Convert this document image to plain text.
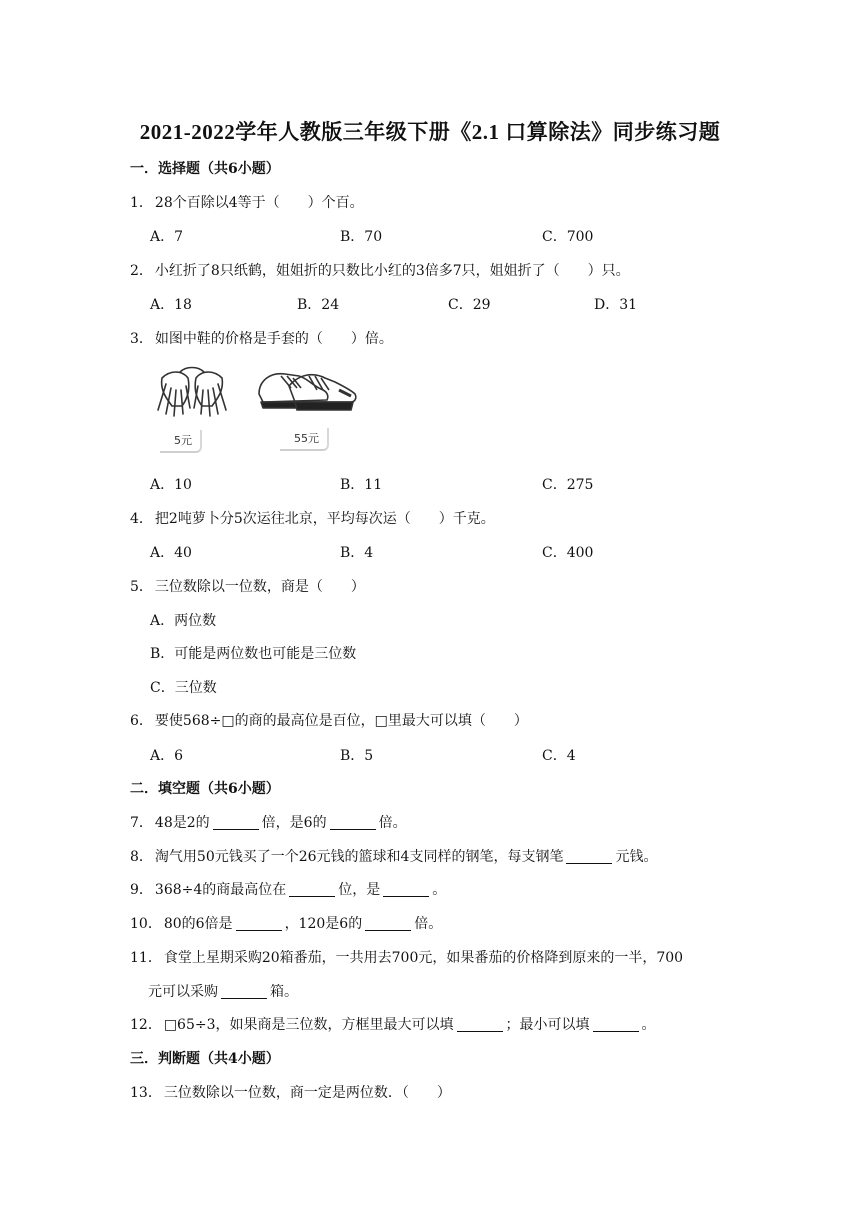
2021-2022学年人教版三年级下册《2.1 口算除法》同步练习题
一．选择题（共6小题）
1． 28个百除以4等于（　　）个百。
A．7	B．70	C．700
2． 小红折了8只纸鹤，姐姐折的只数比小红的3倍多7只，姐姐折了（　　）只。
A．18	B．24	C．29	D．31
3． 如图中鞋的价格是手套的（　　）倍。
5元	55元
A．10	B．11	C．275
4． 把2吨萝卜分5次运往北京，平均每次运（　　）千克。
A．40	B．4	C．400
5． 三位数除以一位数，商是（　　）
A．两位数
B．可能是两位数也可能是三位数
C．三位数
6． 要使568÷□的商的最高位是百位，□里最大可以填（　　）
A．6	B．5	C．4
二．填空题（共6小题）
7． 48是2的	倍，是6的	倍。
8． 淘气用50元钱买了一个26元钱的篮球和4支同样的钢笔，每支钢笔	元钱。
9． 368÷4的商最高位在	位，是	。
10． 80的6倍是	，120是6的	倍。
11． 食堂上星期采购20箱番茄，一共用去700元，如果番茄的价格降到原来的一半，700
元可以采购	箱。
12． □65÷3，如果商是三位数，方框里最大可以填	；最小可以填	。
三．判断题（共4小题）
13． 三位数除以一位数，商一定是两位数．（　　）
